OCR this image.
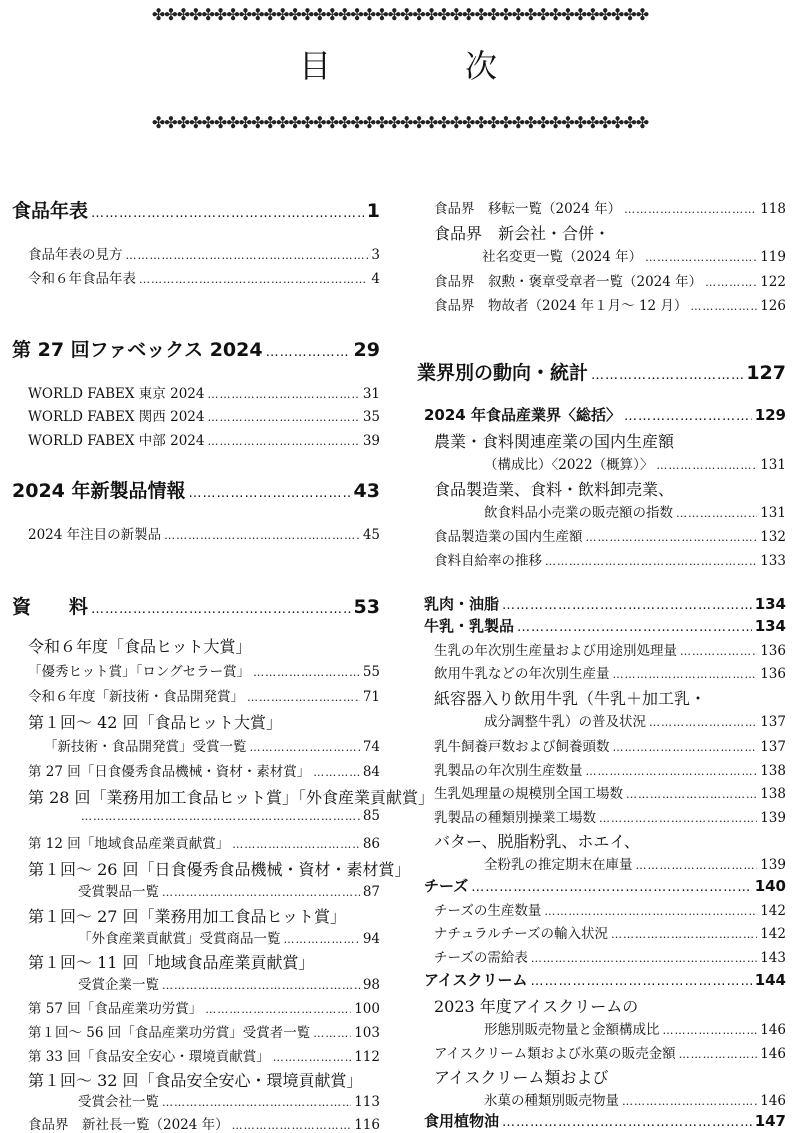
✤✤✤✤✤✤✤✤✤✤✤✤✤✤✤✤✤✤✤✤✤✤✤✤✤✤✤✤✤✤✤✤✤✤✤✤✤✤✤✤
目	次
✤✤✤✤✤✤✤✤✤✤✤✤✤✤✤✤✤✤✤✤✤✤✤✤✤✤✤✤✤✤✤✤✤✤✤✤✤✤✤✤
食品年表 …………………………………………………………………………………………………………………………………………………………	1
食品年表の見方 …………………………………………………………………………………………………………………………………………………………	3
令和６年食品年表 …………………………………………………………………………………………………………………………………………………………	4
第 27 回ファベックス 2024 …………………………………………………………………………………………………………………………………………………………	29
WORLD FABEX 東京 2024 …………………………………………………………………………………………………………………………………………………………	31
WORLD FABEX 関西 2024 …………………………………………………………………………………………………………………………………………………………	35
WORLD FABEX 中部 2024 …………………………………………………………………………………………………………………………………………………………	39
2024 年新製品情報 …………………………………………………………………………………………………………………………………………………………	43
2024 年注目の新製品 …………………………………………………………………………………………………………………………………………………………	45
資　　料 …………………………………………………………………………………………………………………………………………………………	53
令和６年度「食品ヒット大賞」
「優秀ヒット賞」「ロングセラー賞」 …………………………………………………………………………………………………………………………………………………………	55
令和６年度「新技術・食品開発賞」 …………………………………………………………………………………………………………………………………………………………	71
第１回～ 42 回「食品ヒット大賞」
「新技術・食品開発賞」受賞一覧 …………………………………………………………………………………………………………………………………………………………	74
第 27 回「日食優秀食品機械・資材・素材賞」 …………………………………………………………………………………………………………………………………………………………	84
第 28 回「業務用加工食品ヒット賞」「外食産業貢献賞」
…………………………………………………………………………………………………………………………………………………………
85
第 12 回「地域食品産業貢献賞」 …………………………………………………………………………………………………………………………………………………………	86
第１回～ 26 回「日食優秀食品機械・資材・素材賞」
受賞製品一覧 …………………………………………………………………………………………………………………………………………………………	87
第１回～ 27 回「業務用加工食品ヒット賞」
「外食産業貢献賞」受賞商品一覧 …………………………………………………………………………………………………………………………………………………………	94
第１回～ 11 回「地域食品産業貢献賞」
受賞企業一覧 …………………………………………………………………………………………………………………………………………………………	98
第 57 回「食品産業功労賞」 …………………………………………………………………………………………………………………………………………………………	100
第１回～ 56 回「食品産業功労賞」受賞者一覧 …………………………………………………………………………………………………………………………………………………………	103
第 33 回「食品安全安心・環境貢献賞」 …………………………………………………………………………………………………………………………………………………………	112
第１回～ 32 回「食品安全安心・環境貢献賞」
受賞会社一覧 …………………………………………………………………………………………………………………………………………………………	113
食品界　新社長一覧（2024 年） …………………………………………………………………………………………………………………………………………………………	116
食品界　移転一覧（2024 年） …………………………………………………………………………………………………………………………………………………………	118
食品界　新会社・合併・
社名変更一覧（2024 年） …………………………………………………………………………………………………………………………………………………………	119
食品界　叙勲・褒章受章者一覧（2024 年） …………………………………………………………………………………………………………………………………………………………	122
食品界　物故者（2024 年１月～ 12 月） …………………………………………………………………………………………………………………………………………………………	126
業界別の動向・統計 …………………………………………………………………………………………………………………………………………………………	127
2024 年食品産業界〈総括〉 …………………………………………………………………………………………………………………………………………………………	129
農業・食料関連産業の国内生産額
（構成比）〈2022（概算）〉 …………………………………………………………………………………………………………………………………………………………	131
食品製造業、食料・飲料卸売業、
飲食料品小売業の販売額の指数 …………………………………………………………………………………………………………………………………………………………	131
食品製造業の国内生産額 …………………………………………………………………………………………………………………………………………………………	132
食料自給率の推移 …………………………………………………………………………………………………………………………………………………………	133
乳肉・油脂 …………………………………………………………………………………………………………………………………………………………	134
牛乳・乳製品 …………………………………………………………………………………………………………………………………………………………	134
生乳の年次別生産量および用途別処理量 …………………………………………………………………………………………………………………………………………………………	136
飲用牛乳などの年次別生産量 …………………………………………………………………………………………………………………………………………………………	136
紙容器入り飲用牛乳（牛乳＋加工乳・
成分調整牛乳）の普及状況 …………………………………………………………………………………………………………………………………………………………	137
乳牛飼養戸数および飼養頭数 …………………………………………………………………………………………………………………………………………………………	137
乳製品の年次別生産数量 …………………………………………………………………………………………………………………………………………………………	138
生乳処理量の規模別全国工場数 …………………………………………………………………………………………………………………………………………………………	138
乳製品の種類別操業工場数 …………………………………………………………………………………………………………………………………………………………	139
バター、脱脂粉乳、ホエイ、
全粉乳の推定期末在庫量 …………………………………………………………………………………………………………………………………………………………	139
チーズ …………………………………………………………………………………………………………………………………………………………	140
チーズの生産数量 …………………………………………………………………………………………………………………………………………………………	142
ナチュラルチーズの輸入状況 …………………………………………………………………………………………………………………………………………………………	142
チーズの需給表 …………………………………………………………………………………………………………………………………………………………	143
アイスクリーム …………………………………………………………………………………………………………………………………………………………	144
2023 年度アイスクリームの
形態別販売物量と金額構成比 …………………………………………………………………………………………………………………………………………………………	146
アイスクリーム類および氷菓の販売金額 …………………………………………………………………………………………………………………………………………………………	146
アイスクリーム類および
氷菓の種類別販売物量 …………………………………………………………………………………………………………………………………………………………	146
食用植物油 …………………………………………………………………………………………………………………………………………………………	147
